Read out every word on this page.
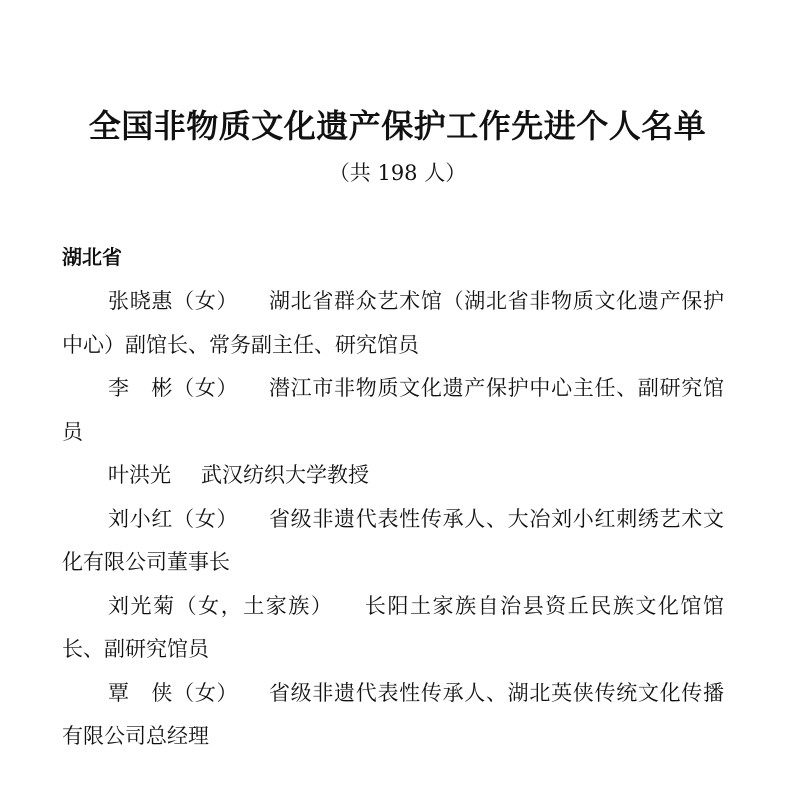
全国非物质文化遗产保护工作先进个人名单
（共 198 人）
湖北省

张晓惠（女） 湖北省群众艺术馆（湖北省非物质文化遗产保护中心）副馆长、常务副主任、研究馆员

李　彬（女） 潜江市非物质文化遗产保护中心主任、副研究馆员

叶洪光 武汉纺织大学教授

刘小红（女） 省级非遗代表性传承人、大冶刘小红刺绣艺术文化有限公司董事长

刘光菊（女，土家族） 长阳土家族自治县资丘民族文化馆馆长、副研究馆员

覃　侠（女） 省级非遗代表性传承人、湖北英侠传统文化传播有限公司总经理
